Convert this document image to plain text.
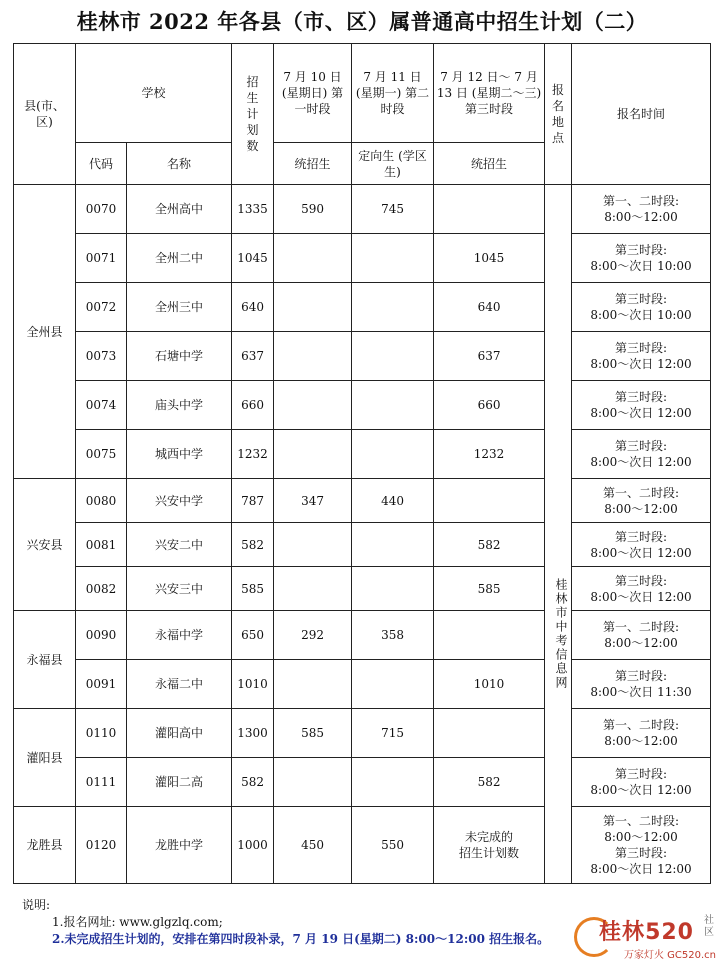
桂林市 2022 年各县（市、区）属普通高中招生计划（二）
县(市、区)	学校		招生计划数	7 月 10 日 (星期日) 第一时段	7 月 11 日 (星期一) 第二时段	7 月 12 日～ 7 月 13 日 (星期二～三) 第三时段	报名地点	报名时间
	代码	名称		统招生	定向生 (学区生)	统招生		
全州县	0070	全州高中	1335	590	745		桂林市中考信息网	第一、二时段:
8:00～12:00
	0071	全州二中	1045			1045		第三时段:
8:00～次日 10:00
	0072	全州三中	640			640		第三时段:
8:00～次日 10:00
	0073	石塘中学	637			637		第三时段:
8:00～次日 12:00
	0074	庙头中学	660			660		第三时段:
8:00～次日 12:00
	0075	城西中学	1232			1232		第三时段:
8:00～次日 12:00
兴安县	0080	兴安中学	787	347	440			第一、二时段:
8:00～12:00
	0081	兴安二中	582			582		第三时段:
8:00～次日 12:00
	0082	兴安三中	585			585		第三时段:
8:00～次日 12:00
永福县	0090	永福中学	650	292	358			第一、二时段:
8:00～12:00
	0091	永福二中	1010			1010		第三时段:
8:00～次日 11:30
灌阳县	0110	灌阳高中	1300	585	715			第一、二时段:
8:00～12:00
	0111	灌阳二高	582			582		第三时段:
8:00～次日 12:00
龙胜县	0120	龙胜中学	1000	450	550	未完成的
招生计划数		第一、二时段:
8:00～12:00
第三时段:
8:00～次日 12:00
说明:
1.报名网址: www.glgzlq.com;
2.未完成招生计划的，安排在第四时段补录，7 月 19 日(星期二) 8:00～12:00 招生报名。 桂林520 社区
万家灯火 GC520.cn
